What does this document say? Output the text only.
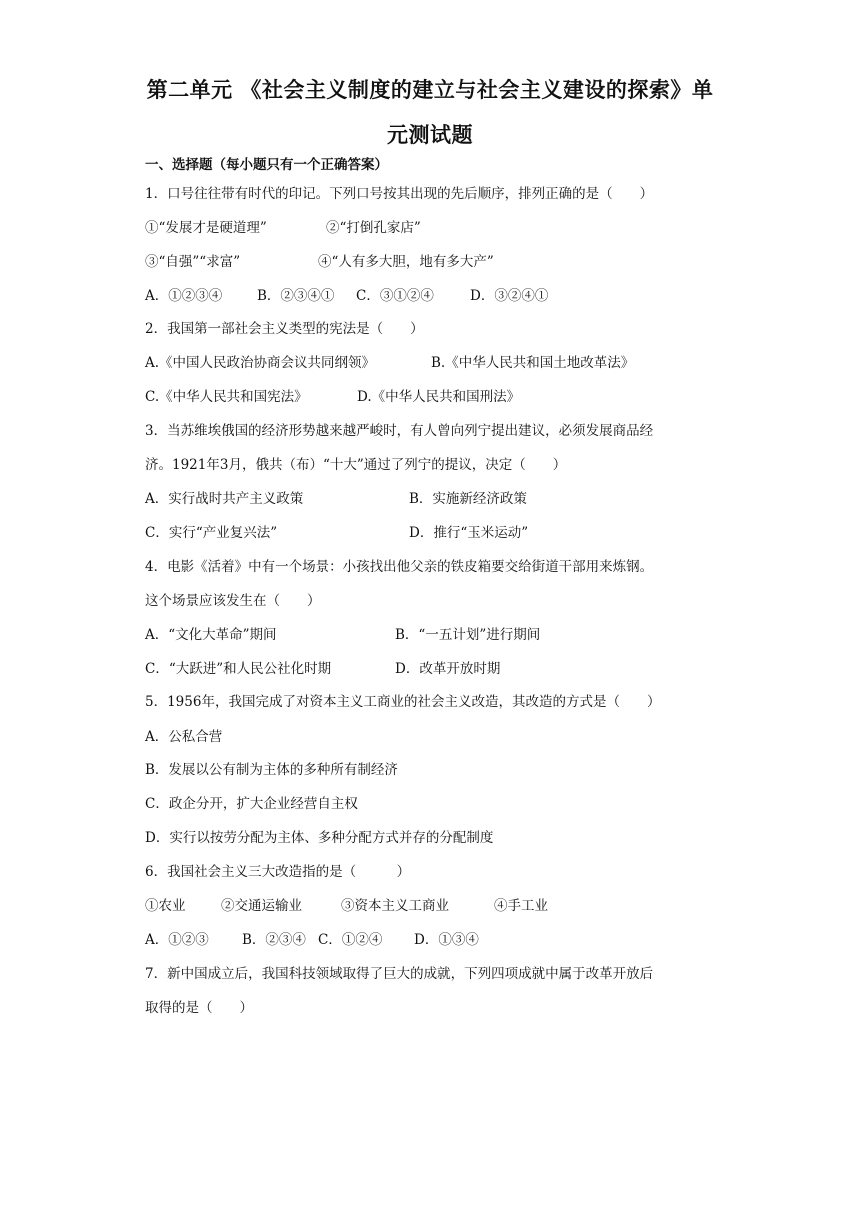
第二单元 《社会主义制度的建立与社会主义建设的探索》单
元测试题
一、选择题（每小题只有一个正确答案）
1．口号往往带有时代的印记。下列口号按其出现的先后顺序，排列正确的是（　　）
①“发展才是硬道理”	②“打倒孔家店”
③“自强”“求富”	④“人有多大胆，地有多大产”
A．①②③④	B．②③④① C．③①②④	D．③②④①
2．我国第一部社会主义类型的宪法是（　　）
A.《中国人民政治协商会议共同纲领》	B.《中华人民共和国土地改革法》
C.《中华人民共和国宪法》	D.《中华人民共和国刑法》
3．当苏维埃俄国的经济形势越来越严峻时，有人曾向列宁提出建议，必须发展商品经
济。1921年3月，俄共（布）“十大”通过了列宁的提议，决定（　　）
A．实行战时共产主义政策	B．实施新经济政策
C．实行“产业复兴法”	D．推行“玉米运动”
4．电影《活着》中有一个场景：小孩找出他父亲的铁皮箱要交给街道干部用来炼钢。
这个场景应该发生在（　　）
A．“文化大革命”期间	B．“一五计划”进行期间
C．“大跃进”和人民公社化时期	D．改革开放时期
5．1956年，我国完成了对资本主义工商业的社会主义改造，其改造的方式是（　　）
A．公私合营
B．发展以公有制为主体的多种所有制经济
C．政企分开，扩大企业经营自主权
D．实行以按劳分配为主体、多种分配方式并存的分配制度
6．我国社会主义三大改造指的是（　　　）
①农业	②交通运输业	③资本主义工商业	④手工业
A．①②③ B．②③④ C．①②④ D．①③④
7．新中国成立后，我国科技领域取得了巨大的成就，下列四项成就中属于改革开放后
取得的是（　　）
